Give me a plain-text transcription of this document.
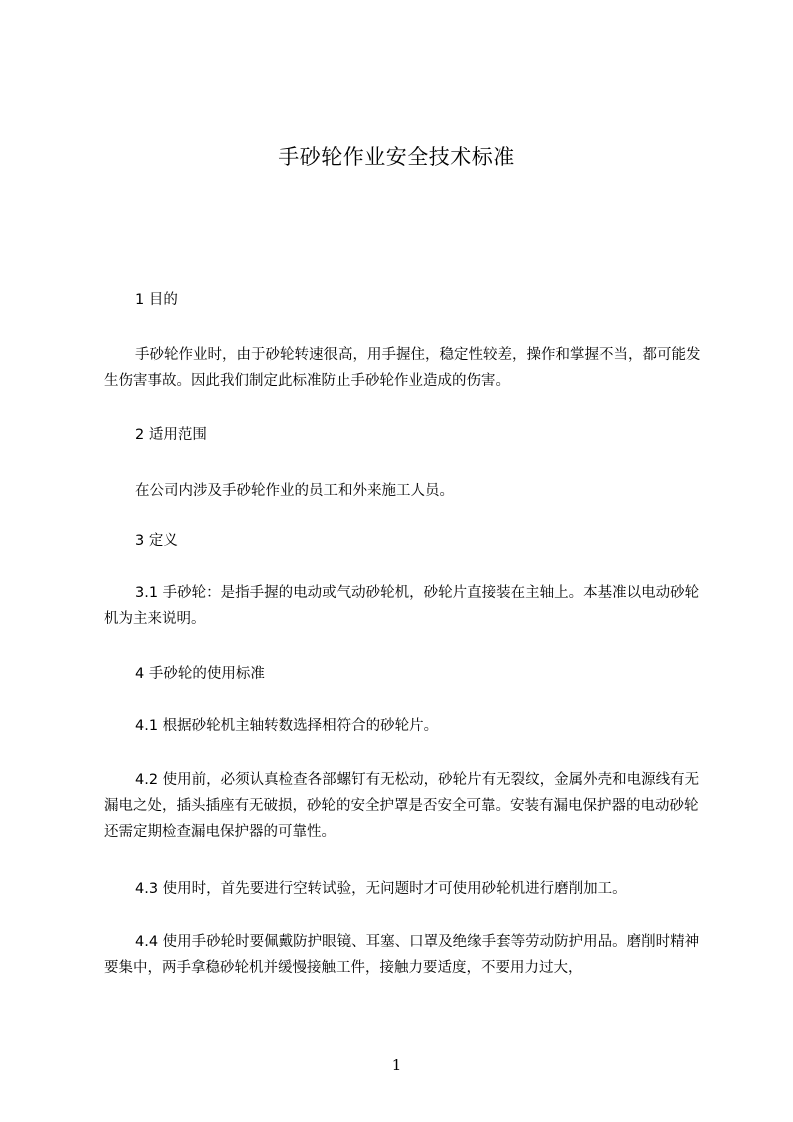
手砂轮作业安全技术标准
1 目的
手砂轮作业时，由于砂轮转速很高，用手握住，稳定性较差，操作和掌握不当，都可能发生伤害事故。因此我们制定此标准防止手砂轮作业造成的伤害。
2 适用范围
在公司内涉及手砂轮作业的员工和外来施工人员。
3 定义
3.1 手砂轮：是指手握的电动或气动砂轮机，砂轮片直接装在主轴上。本基准以电动砂轮机为主来说明。
4 手砂轮的使用标准
4.1 根据砂轮机主轴转数选择相符合的砂轮片。
4.2 使用前，必须认真检查各部螺钉有无松动，砂轮片有无裂纹，金属外壳和电源线有无漏电之处，插头插座有无破损，砂轮的安全护罩是否安全可靠。安装有漏电保护器的电动砂轮还需定期检查漏电保护器的可靠性。
4.3 使用时，首先要进行空转试验，无问题时才可使用砂轮机进行磨削加工。
4.4 使用手砂轮时要佩戴防护眼镜、耳塞、口罩及绝缘手套等劳动防护用品。磨削时精神要集中，两手拿稳砂轮机并缓慢接触工件，接触力要适度，不要用力过大，
1
